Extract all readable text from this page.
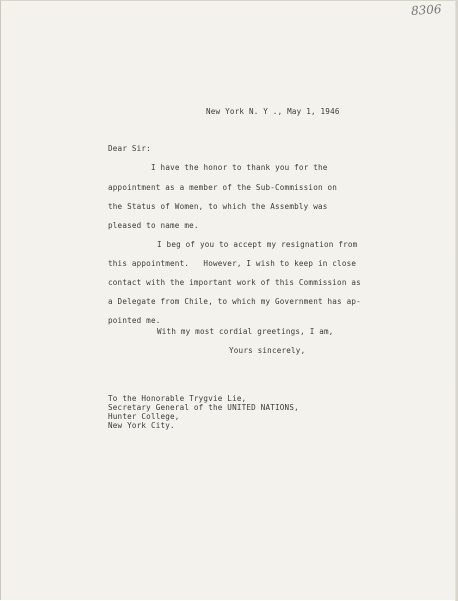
8306
New York N. Y ., May 1, 1946
Dear Sir:
I have the honor to thank you for the
appointment as a member of the Sub-Commission on
the Status of Women, to which the Assembly was
pleased to name me.
I beg of you to accept my resignation from
this appointment.   However, I wish to keep in close
contact with the important work of this Commission as
a Delegate from Chile, to which my Government has ap-
pointed me.
With my most cordial greetings, I am,
Yours sincerely,
To the Honorable Trygvie Lie,
Secretary General of the UNITED NATIONS,
Hunter College,
New York City.
